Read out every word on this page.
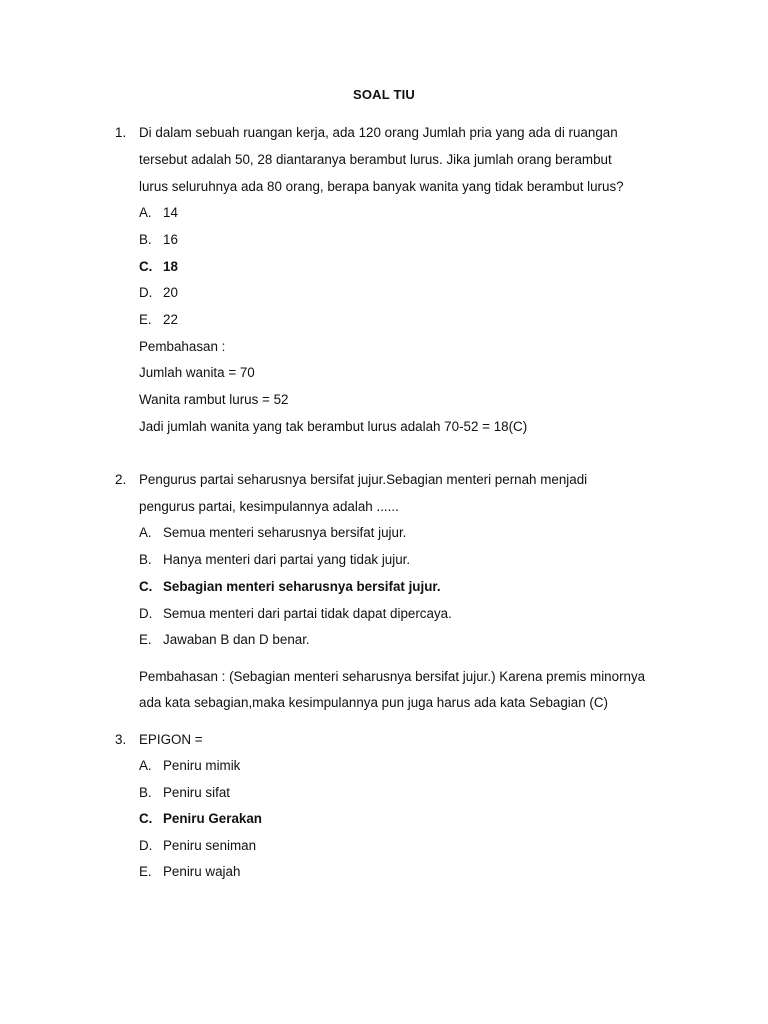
SOAL TIU
1. Di dalam sebuah ruangan kerja, ada 120 orang Jumlah pria yang ada di ruangan
tersebut adalah 50, 28 diantaranya berambut lurus. Jika jumlah orang berambut
lurus seluruhnya ada 80 orang, berapa banyak wanita yang tidak berambut lurus?
A. 14
B. 16
C. 18
D. 20
E. 22
Pembahasan :
Jumlah wanita = 70
Wanita rambut lurus = 52
Jadi jumlah wanita yang tak berambut lurus adalah 70-52 = 18(C)
2. Pengurus partai seharusnya bersifat jujur.Sebagian menteri pernah menjadi
pengurus partai, kesimpulannya adalah ......
A. Semua menteri seharusnya bersifat jujur.
B. Hanya menteri dari partai yang tidak jujur.
C. Sebagian menteri seharusnya bersifat jujur.
D. Semua menteri dari partai tidak dapat dipercaya.
E. Jawaban B dan D benar.
Pembahasan : (Sebagian menteri seharusnya bersifat jujur.) Karena premis minornya
ada kata sebagian,maka kesimpulannya pun juga harus ada kata Sebagian (C)
3. EPIGON =
A. Peniru mimik
B. Peniru sifat
C. Peniru Gerakan
D. Peniru seniman
E. Peniru wajah
